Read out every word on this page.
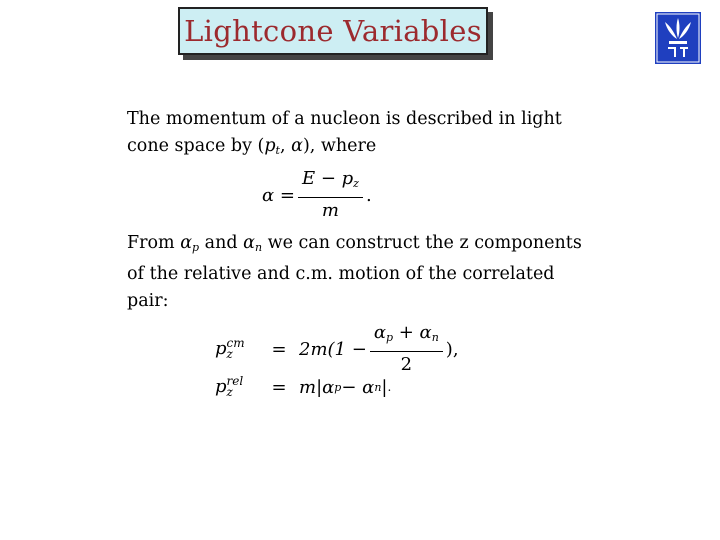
Lightcone Variables
The momentum of a nucleon is described in light
cone space by ($p_t$, α), where
$\alpha = \frac{E - p_z}{m}$ .
From $\alpha_p$ and $\alpha_n$ we can construct the z components
of the relative and c.m. motion of the correlated
pair:
p cm
z	= $2m(1 - \frac{\alpha_p + \alpha_n}{2}$ ),
p rel
z	= m|α p − α n | .
